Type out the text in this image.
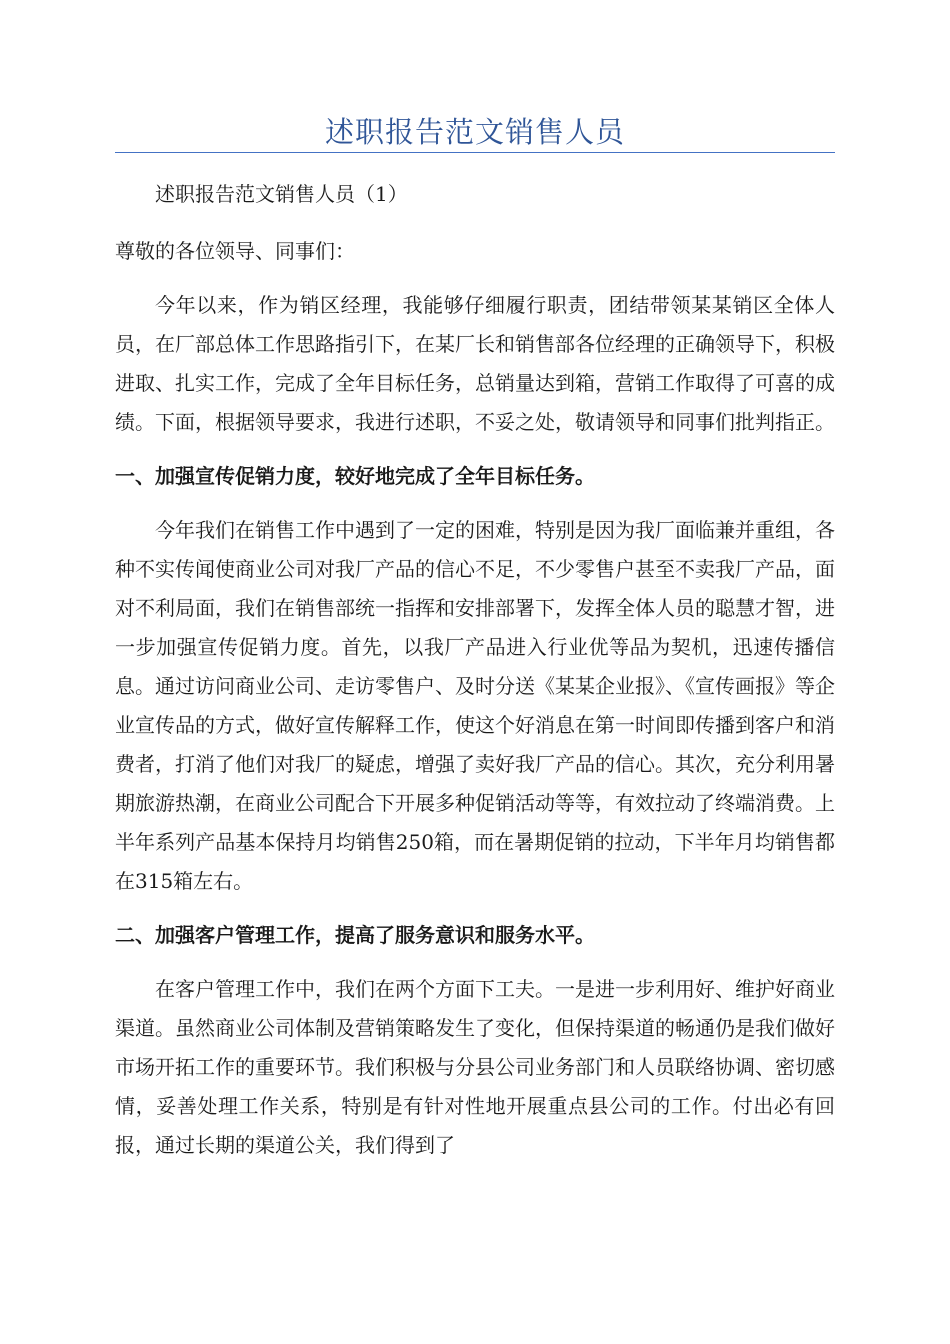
述职报告范文销售人员

述职报告范文销售人员（1）

尊敬的各位领导、同事们：

今年以来，作为销区经理，我能够仔细履行职责，团结带领某某销区全体人员，在厂部总体工作思路指引下，在某厂长和销售部各位经理的正确领导下，积极进取、扎实工作，完成了全年目标任务，总销量达到箱，营销工作取得了可喜的成绩。下面，根据领导要求，我进行述职，不妥之处，敬请领导和同事们批判指正。

一、加强宣传促销力度，较好地完成了全年目标任务。

今年我们在销售工作中遇到了一定的困难，特别是因为我厂面临兼并重组，各种不实传闻使商业公司对我厂产品的信心不足，不少零售户甚至不卖我厂产品，面对不利局面，我们在销售部统一指挥和安排部署下，发挥全体人员的聪慧才智，进一步加强宣传促销力度。首先，以我厂产品进入行业优等品为契机，迅速传播信息。通过访问商业公司、走访零售户、及时分送《某某企业报》、《宣传画报》等企业宣传品的方式，做好宣传解释工作，使这个好消息在第一时间即传播到客户和消费者，打消了他们对我厂的疑虑，增强了卖好我厂产品的信心。其次，充分利用暑期旅游热潮，在商业公司配合下开展多种促销活动等等，有效拉动了终端消费。上半年系列产品基本保持月均销售250箱，而在暑期促销的拉动，下半年月均销售都在315箱左右。

二、加强客户管理工作，提高了服务意识和服务水平。

在客户管理工作中，我们在两个方面下工夫。一是进一步利用好、维护好商业渠道。虽然商业公司体制及营销策略发生了变化，但保持渠道的畅通仍是我们做好市场开拓工作的重要环节。我们积极与分县公司业务部门和人员联络协调、密切感情，妥善处理工作关系，特别是有针对性地开展重点县公司的工作。付出必有回报，通过长期的渠道公关，我们得到了
